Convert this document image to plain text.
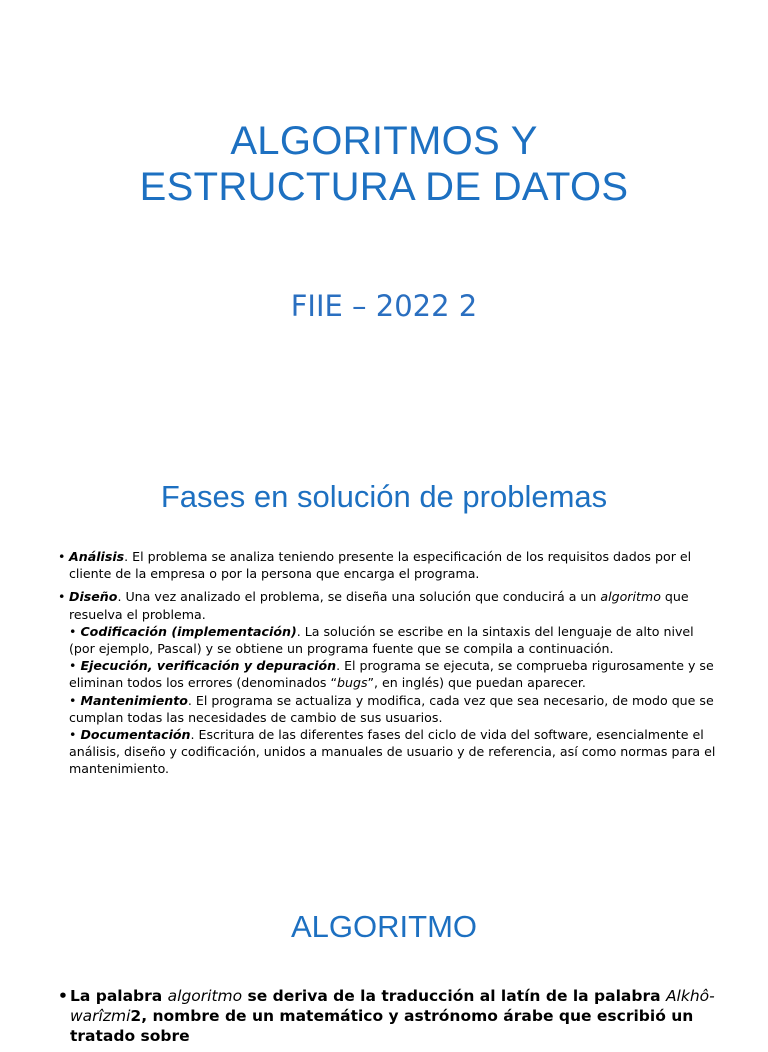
ALGORITMOS Y
ESTRUCTURA DE DATOS
FIIE – 2022 2
Fases en solución de problemas
• Análisis. El problema se analiza teniendo presente la especificación de los requisitos dados por el cliente de la empresa o por la persona que encarga el programa.
• Diseño. Una vez analizado el problema, se diseña una solución que conducirá a un algoritmo que resuelva el problema.
• Codificación (implementación). La solución se escribe en la sintaxis del lenguaje de alto nivel (por ejemplo, Pascal) y se obtiene un programa fuente que se compila a continuación.
• Ejecución, verificación y depuración. El programa se ejecuta, se comprueba rigurosamente y se eliminan todos los errores (denominados “bugs”, en inglés) que puedan aparecer.
• Mantenimiento. El programa se actualiza y modifica, cada vez que sea necesario, de modo que se cumplan todas las necesidades de cambio de sus usuarios.
• Documentación. Escritura de las diferentes fases del ciclo de vida del software, esencialmente el análisis, diseño y codificación, unidos a manuales de usuario y de referencia, así como normas para el mantenimiento.
ALGORITMO
• La palabra algoritmo se deriva de la traducción al latín de la palabra Alkhô-warîzmi2, nombre de un matemático y astrónomo árabe que escribió un tratado sobre
